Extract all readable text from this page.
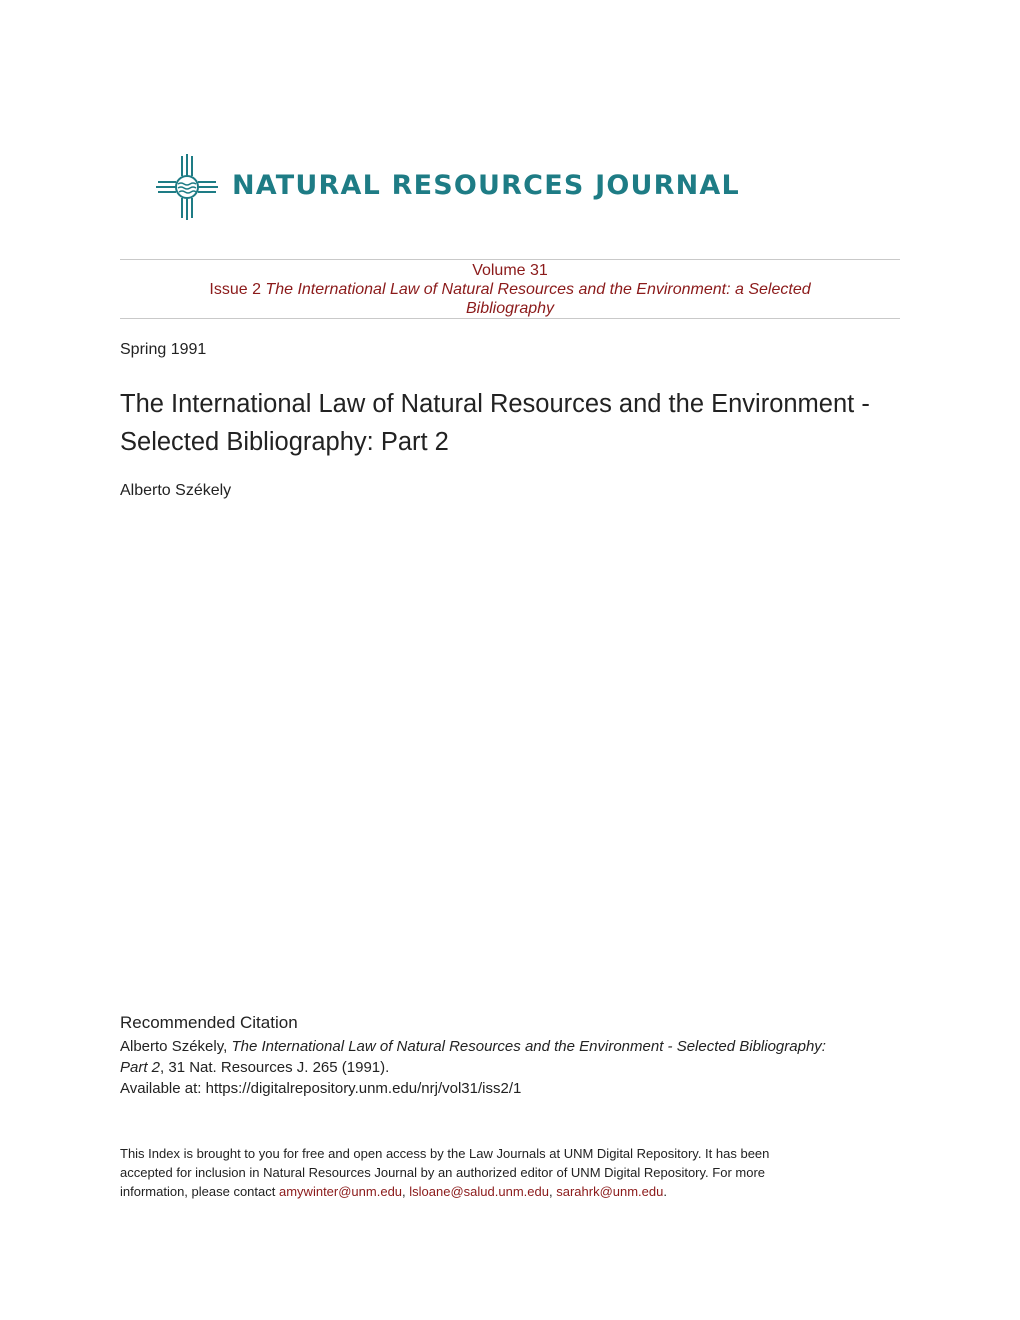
NATURAL RESOURCES JOURNAL
Volume 31
Issue 2 The International Law of Natural Resources and the Environment: a Selected
Bibliography
Spring 1991
The International Law of Natural Resources and the Environment -
Selected Bibliography: Part 2
Alberto Székely
Recommended Citation
Alberto Székely, The International Law of Natural Resources and the Environment - Selected Bibliography:
Part 2, 31 Nat. Resources J. 265 (1991).
Available at: https://digitalrepository.unm.edu/nrj/vol31/iss2/1
This Index is brought to you for free and open access by the Law Journals at UNM Digital Repository. It has been
accepted for inclusion in Natural Resources Journal by an authorized editor of UNM Digital Repository. For more
information, please contact amywinter@unm.edu, lsloane@salud.unm.edu, sarahrk@unm.edu.
